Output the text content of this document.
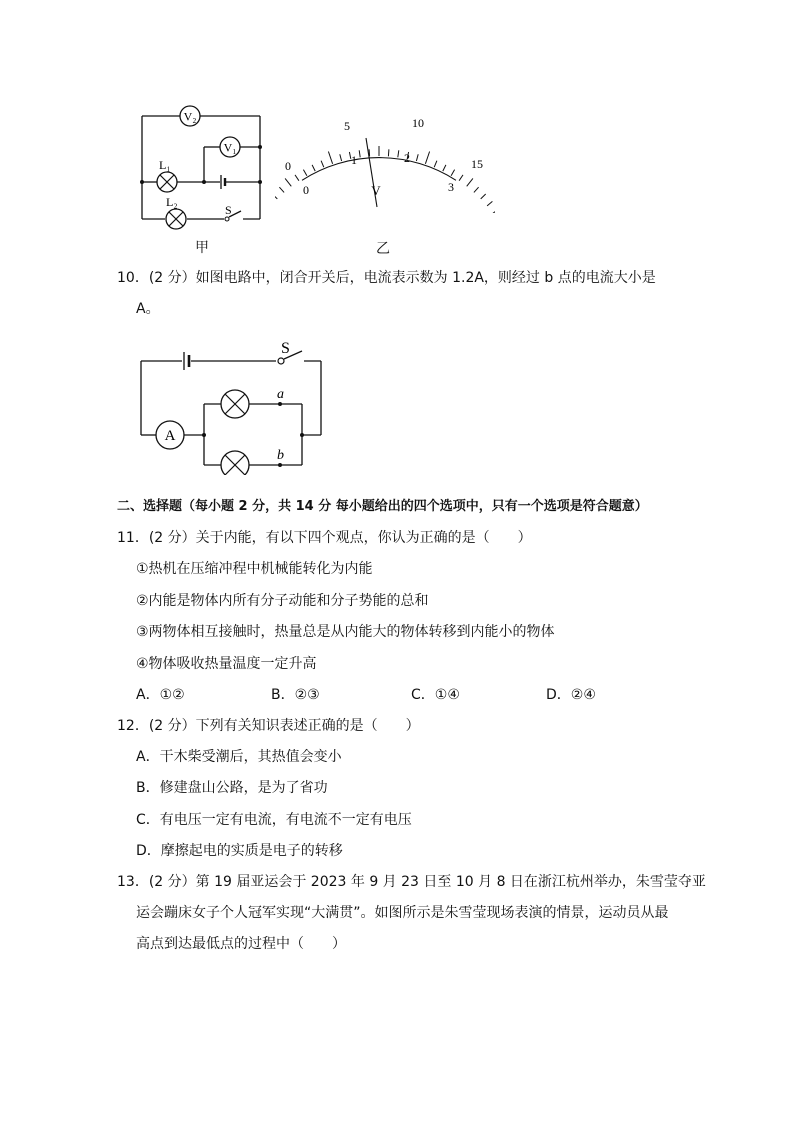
V₂
V₁
L₁
L₂
S
0
5	10
15
0
1	2
3
V
甲	乙
10．(2 分）如图电路中，闭合开关后，电流表示数为 1.2A，则经过 b 点的电流大小是
A。
S
A
a
b
二、选择题（每小题 2 分，共 14 分 每小题给出的四个选项中，只有一个选项是符合题意）
11．(2 分）关于内能，有以下四个观点，你认为正确的是（　　）
①热机在压缩冲程中机械能转化为内能
②内能是物体内所有分子动能和分子势能的总和
③两物体相互接触时，热量总是从内能大的物体转移到内能小的物体
④物体吸收热量温度一定升高
A．①②	B．②③	C．①④	D．②④
12．(2 分）下列有关知识表述正确的是（　　）
A．干木柴受潮后，其热值会变小
B．修建盘山公路，是为了省功
C．有电压一定有电流，有电流不一定有电压
D．摩擦起电的实质是电子的转移
13．(2 分）第 19 届亚运会于 2023 年 9 月 23 日至 10 月 8 日在浙江杭州举办，朱雪莹夺亚
运会蹦床女子个人冠军实现“大满贯”。如图所示是朱雪莹现场表演的情景，运动员从最
高点到达最低点的过程中（　　）
